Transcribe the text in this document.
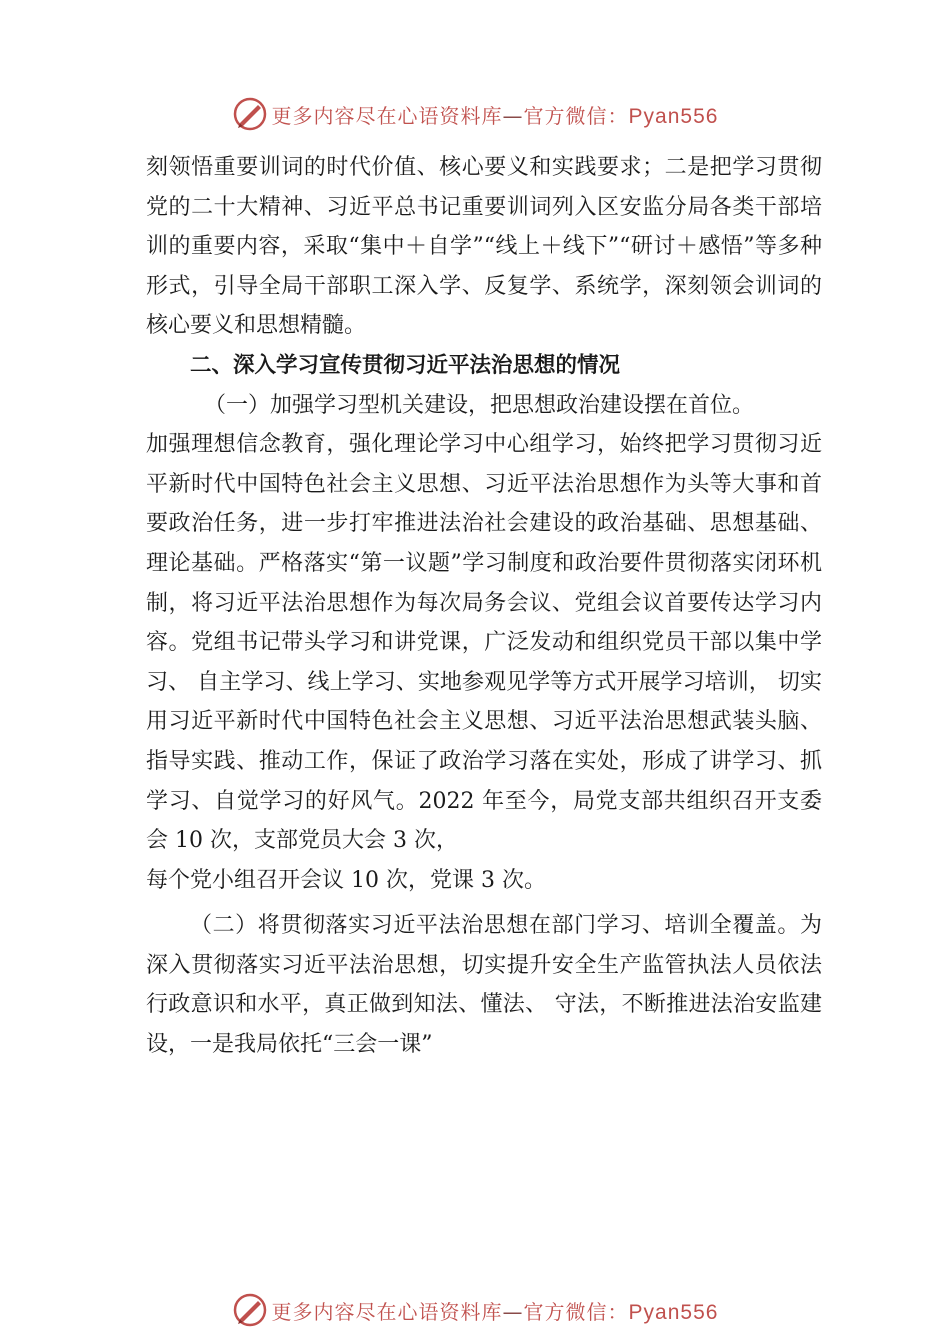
更多内容尽在心语资料库—官方微信：Pyan556

刻领悟重要训词的时代价值、核心要义和实践要求；二是把学习贯彻党的二十大精神、习近平总书记重要训词列入区安监分局各类干部培训的重要内容，采取“集中＋自学”“线上＋线下”“研讨＋感悟”等多种形式，引导全局干部职工深入学、反复学、系统学，深刻领会训词的核心要义和思想精髓。

二、深入学习宣传贯彻习近平法治思想的情况

（一）加强学习型机关建设，把思想政治建设摆在首位。

加强理想信念教育，强化理论学习中心组学习，始终把学习贯彻习近平新时代中国特色社会主义思想、习近平法治思想作为头等大事和首要政治任务，进一步打牢推进法治社会建设的政治基础、思想基础、理论基础。严格落实“第一议题”学习制度和政治要件贯彻落实闭环机制，将习近平法治思想作为每次局务会议、党组会议首要传达学习内容。党组书记带头学习和讲党课，广泛发动和组织党员干部以集中学习、 自主学习、线上学习、实地参观见学等方式开展学习培训， 切实用习近平新时代中国特色社会主义思想、习近平法治思想武装头脑、指导实践、推动工作，保证了政治学习落在实处，形成了讲学习、抓学习、自觉学习的好风气。2022 年至今，局党支部共组织召开支委会 10 次，支部党员大会 3 次，

每个党小组召开会议 10 次，党课 3 次。

（二）将贯彻落实习近平法治思想在部门学习、培训全覆盖。为深入贯彻落实习近平法治思想，切实提升安全生产监管执法人员依法行政意识和水平，真正做到知法、懂法、 守法，不断推进法治安监建设，一是我局依托“三会一课”

更多内容尽在心语资料库—官方微信：Pyan556
